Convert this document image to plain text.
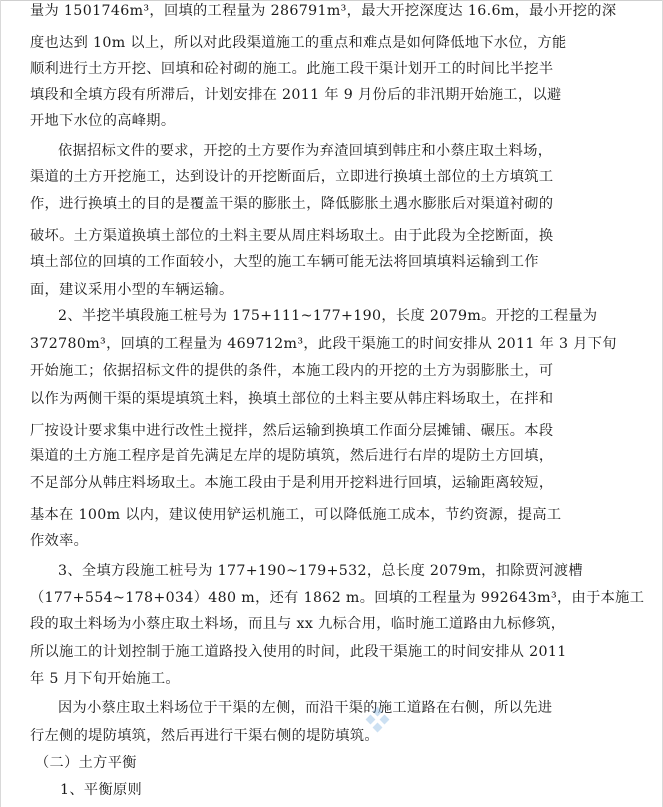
量为 1501746m³，回填的工程量为 286791m³，最大开挖深度达 16.6m，最小开挖的深
度也达到 10m 以上，所以对此段渠道施工的重点和难点是如何降低地下水位，方能
顺利进行土方开挖、回填和砼衬砌的施工。此施工段干渠计划开工的时间比半挖半
填段和全填方段有所滞后，计划安排在 2011 年 9 月份后的非汛期开始施工，以避
开地下水位的高峰期。
依据招标文件的要求，开挖的土方要作为弃渣回填到韩庄和小蔡庄取土料场，
渠道的土方开挖施工，达到设计的开挖断面后，立即进行换填土部位的土方填筑工
作，进行换填土的目的是覆盖干渠的膨胀土，降低膨胀土遇水膨胀后对渠道衬砌的
破坏。土方渠道换填土部位的土料主要从周庄料场取土。由于此段为全挖断面，换
填土部位的回填的工作面较小，大型的施工车辆可能无法将回填填料运输到工作
面，建议采用小型的车辆运输。
2、半挖半填段施工桩号为 175+111~177+190，长度 2079m。开挖的工程量为
372780m³，回填的工程量为 469712m³，此段干渠施工的时间安排从 2011 年 3 月下旬
开始施工；依据招标文件的提供的条件，本施工段内的开挖的土方为弱膨胀土，可
以作为两侧干渠的渠堤填筑土料，换填土部位的土料主要从韩庄料场取土，在拌和
厂按设计要求集中进行改性土搅拌，然后运输到换填工作面分层摊铺、碾压。本段
渠道的土方施工程序是首先满足左岸的堤防填筑，然后进行右岸的堤防土方回填，
不足部分从韩庄料场取土。本施工段由于是利用开挖料进行回填，运输距离较短，
基本在 100m 以内，建议使用铲运机施工，可以降低施工成本，节约资源，提高工
作效率。
3、全填方段施工桩号为 177+190~179+532，总长度 2079m，扣除贾河渡槽
（177+554~178+034）480 m，还有 1862 m。回填的工程量为 992643m³，由于本施工
段的取土料场为小蔡庄取土料场，而且与 xx 九标合用，临时施工道路由九标修筑，
所以施工的计划控制于施工道路投入使用的时间，此段干渠施工的时间安排从 2011
年 5 月下旬开始施工。
因为小蔡庄取土料场位于干渠的左侧，而沿干渠的施工道路在右侧，所以先进
行左侧的堤防填筑，然后再进行干渠右侧的堤防填筑。
（二）土方平衡
1、平衡原则
